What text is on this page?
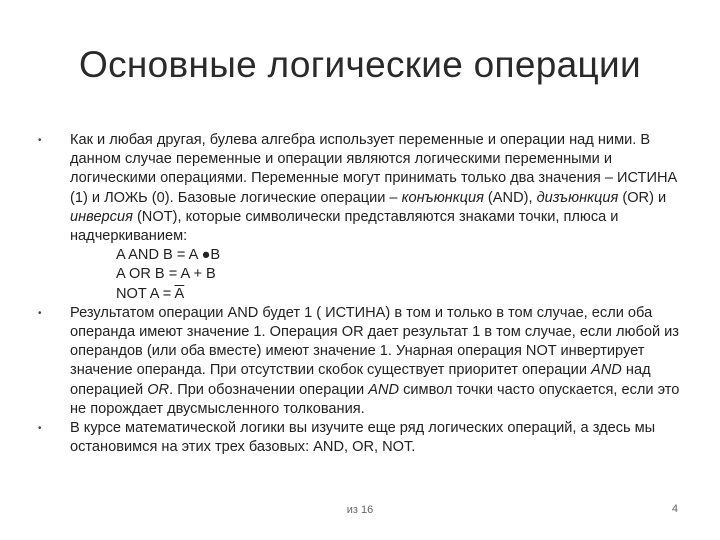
Основные логические операции
•	Как и любая другая, булева алгебра использует переменные и операции над ними. В данном случае переменные и операции являются логическими переменными и логическими операциями. Переменные могут принимать только два значения – ИСТИНА (1) и ЛОЖЬ (0). Базовые логические операции – конъюнкция (AND), дизъюнкция (OR) и инверсия (NOT), которые символически представляются знаками точки, плюса и надчеркиванием:
A AND B = A ●B
A OR B = A + B
NOT $A = \overline{A}$
•	Результатом операции AND будет 1 ( ИСТИНА) в том и только в том случае, если оба операнда имеют значение 1. Операция OR дает результат 1 в том случае, если любой из операндов (или оба вместе) имеют значение 1. Унарная операция NOT инвертирует значение операнда. При отсутствии скобок существует приоритет операции AND над операцией OR. При обозначении операции AND символ точки часто опускается, если это не порождает двусмысленного толкования.
•	В курсе математической логики вы изучите еще ряд логических операций, а здесь мы остановимся на этих трех базовых: AND, OR, NOT.
из 16	4
